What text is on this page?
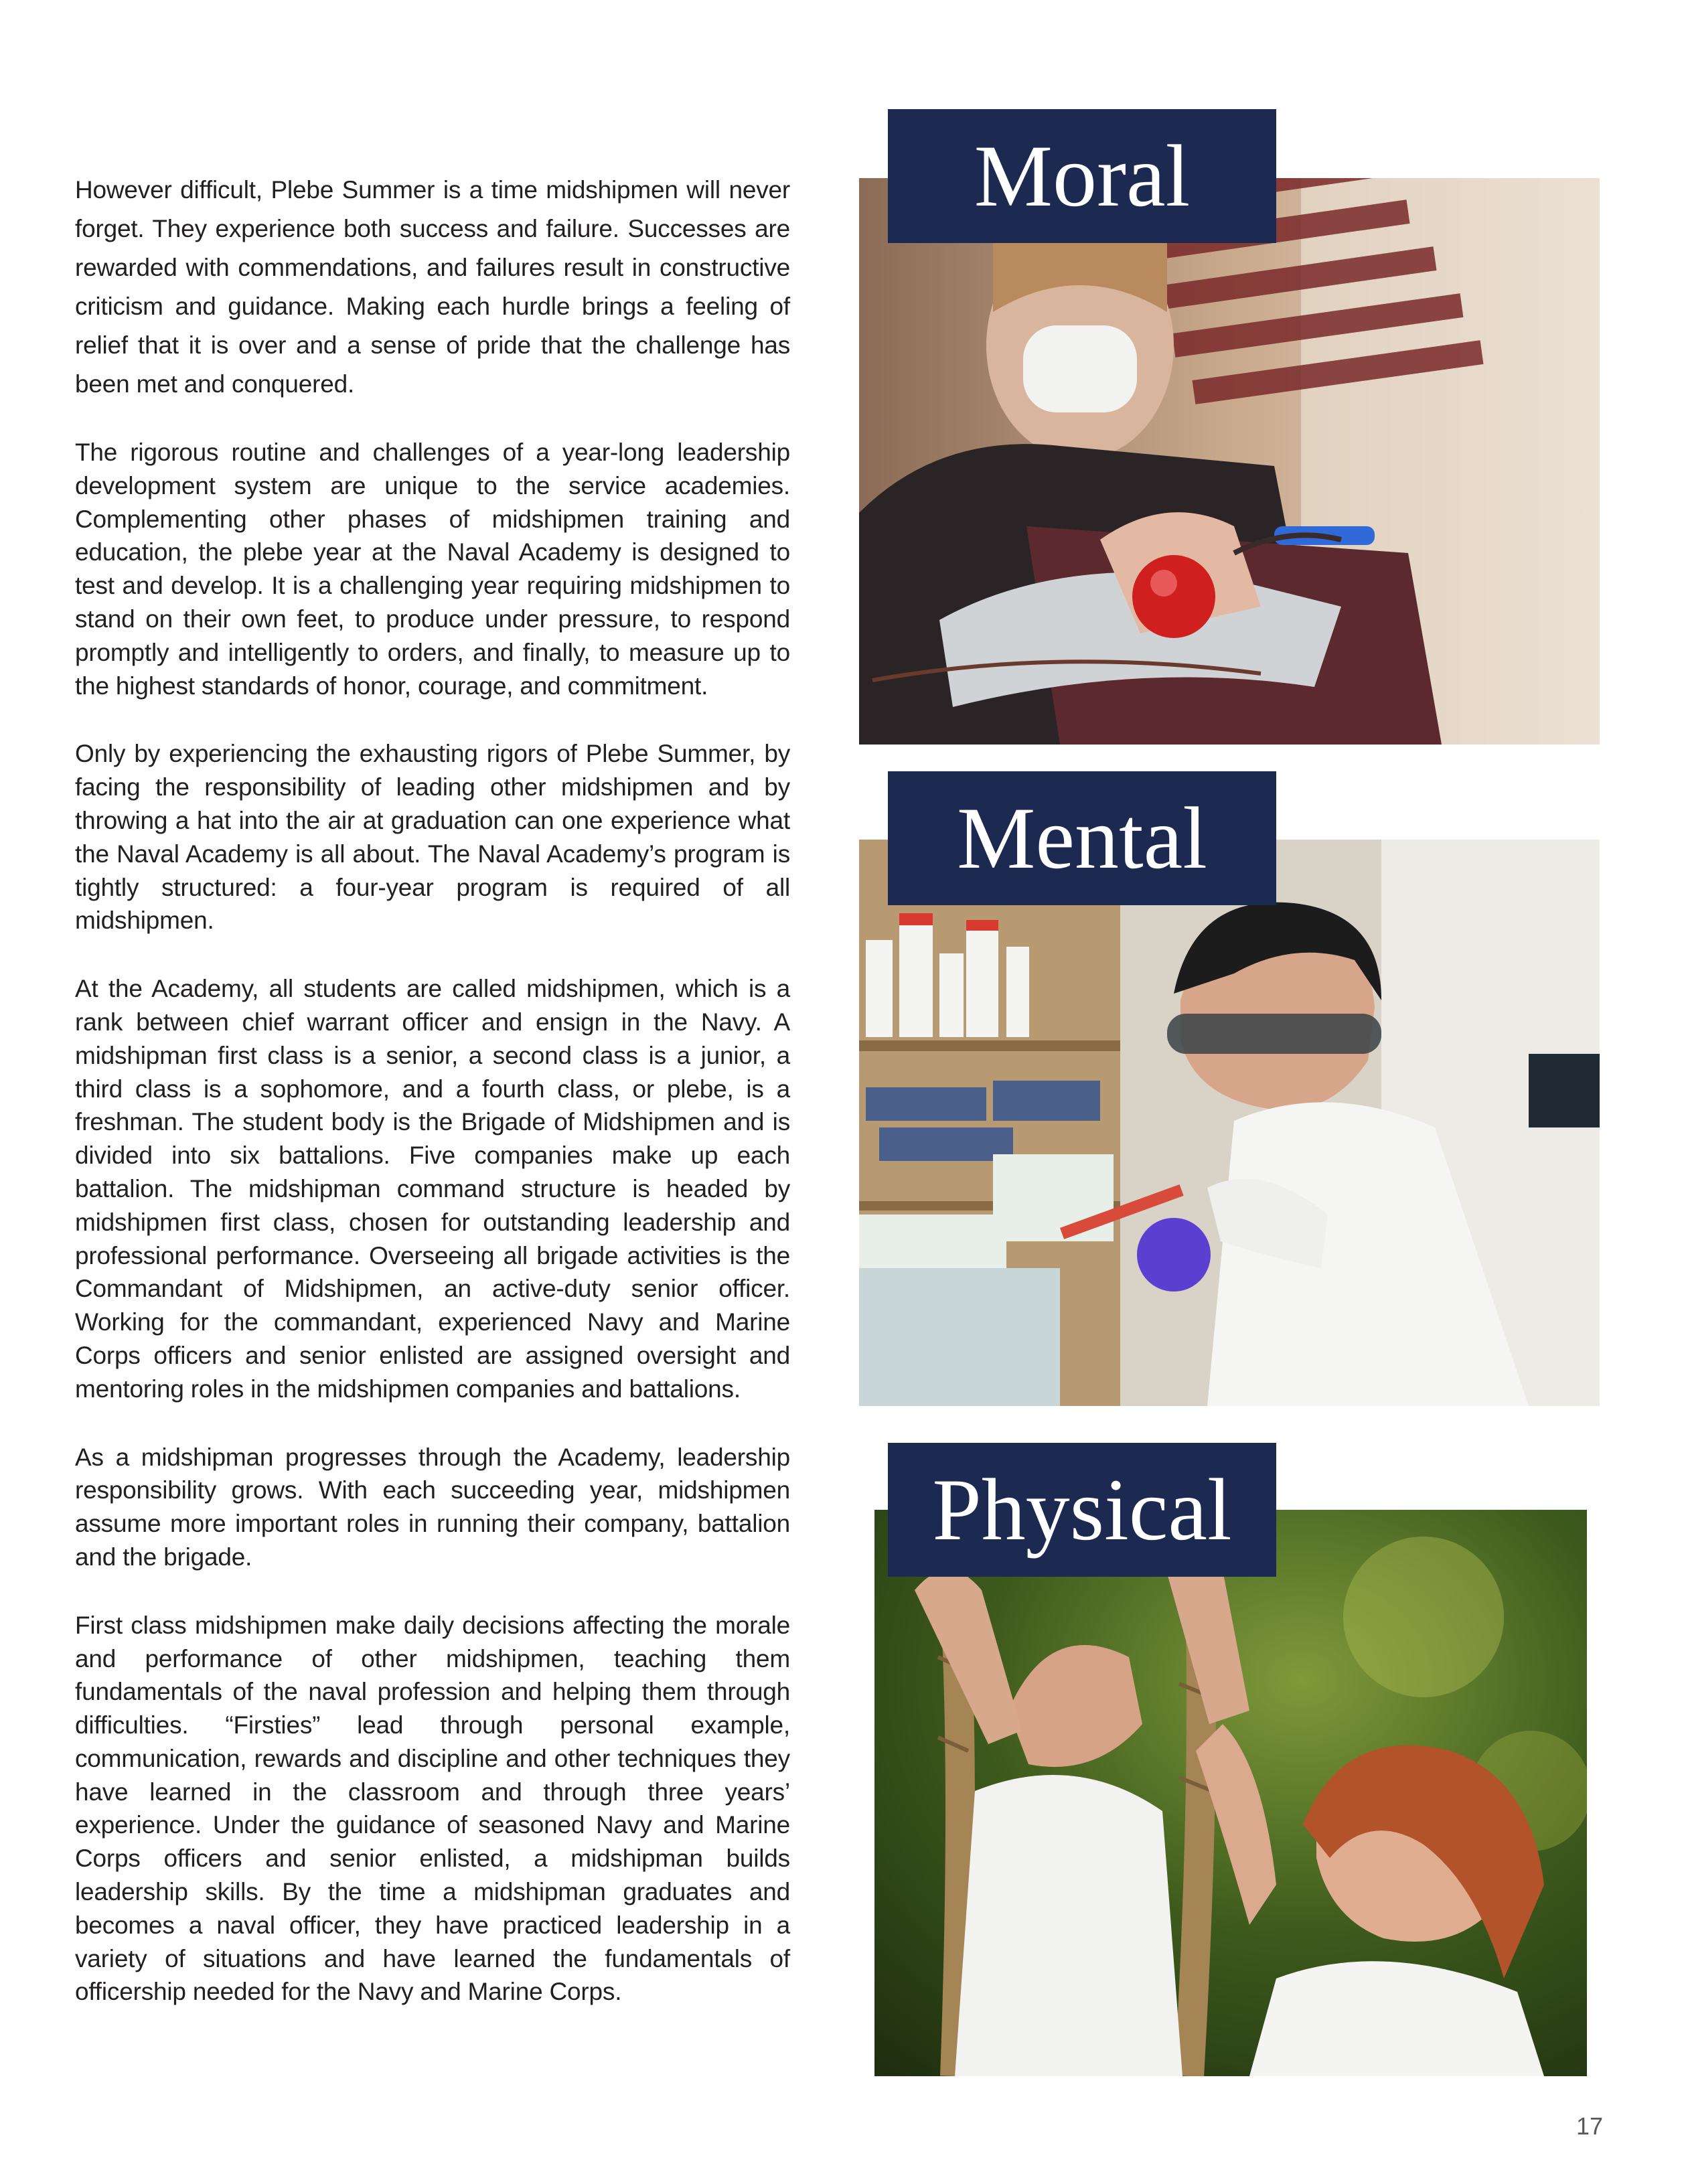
However difficult, Plebe Summer is a time midshipmen will never forget. They experience both success and failure. Successes are rewarded with commendations, and failures result in constructive criticism and guidance. Making each hurdle brings a feeling of relief that it is over and a sense of pride that the challenge has been met and conquered.

The rigorous routine and challenges of a year-long leadership development system are unique to the service academies. Complementing other phases of midshipmen training and education, the plebe year at the Naval Academy is designed to test and develop. It is a challenging year requiring midshipmen to stand on their own feet, to produce under pressure, to respond promptly and intelligently to orders, and finally, to measure up to the highest standards of honor, courage, and commitment.

Only by experiencing the exhausting rigors of Plebe Summer, by facing the responsibility of leading other midshipmen and by throwing a hat into the air at graduation can one experience what the Naval Academy is all about. The Naval Academy’s program is tightly structured: a four-year program is required of all midshipmen.

At the Academy, all students are called midshipmen, which is a rank between chief warrant officer and ensign in the Navy. A midshipman first class is a senior, a second class is a junior, a third class is a sophomore, and a fourth class, or plebe, is a freshman. The student body is the Brigade of Midshipmen and is divided into six battalions. Five companies make up each battalion. The midshipman command structure is headed by midshipmen first class, chosen for outstanding leadership and professional performance. Overseeing all brigade activities is the Commandant of Midshipmen, an active-duty senior officer. Working for the commandant, experienced Navy and Marine Corps officers and senior enlisted are assigned oversight and mentoring roles in the midshipmen companies and battalions.

As a midshipman progresses through the Academy, leadership responsibility grows. With each succeeding year, midshipmen assume more important roles in running their company, battalion and the brigade.

First class midshipmen make daily decisions affecting the morale and performance of other midshipmen, teaching them fundamentals of the naval profession and helping them through difficulties. “Firsties” lead through personal example, communication, rewards and discipline and other techniques they have learned in the classroom and through three years’ experience. Under the guidance of seasoned Navy and Marine Corps officers and senior enlisted, a midshipman builds leadership skills. By the time a midshipman graduates and becomes a naval officer, they have practiced leadership in a variety of situations and have learned the fundamentals of officership needed for the Navy and Marine Corps.

Moral
Mental
Physical
17
